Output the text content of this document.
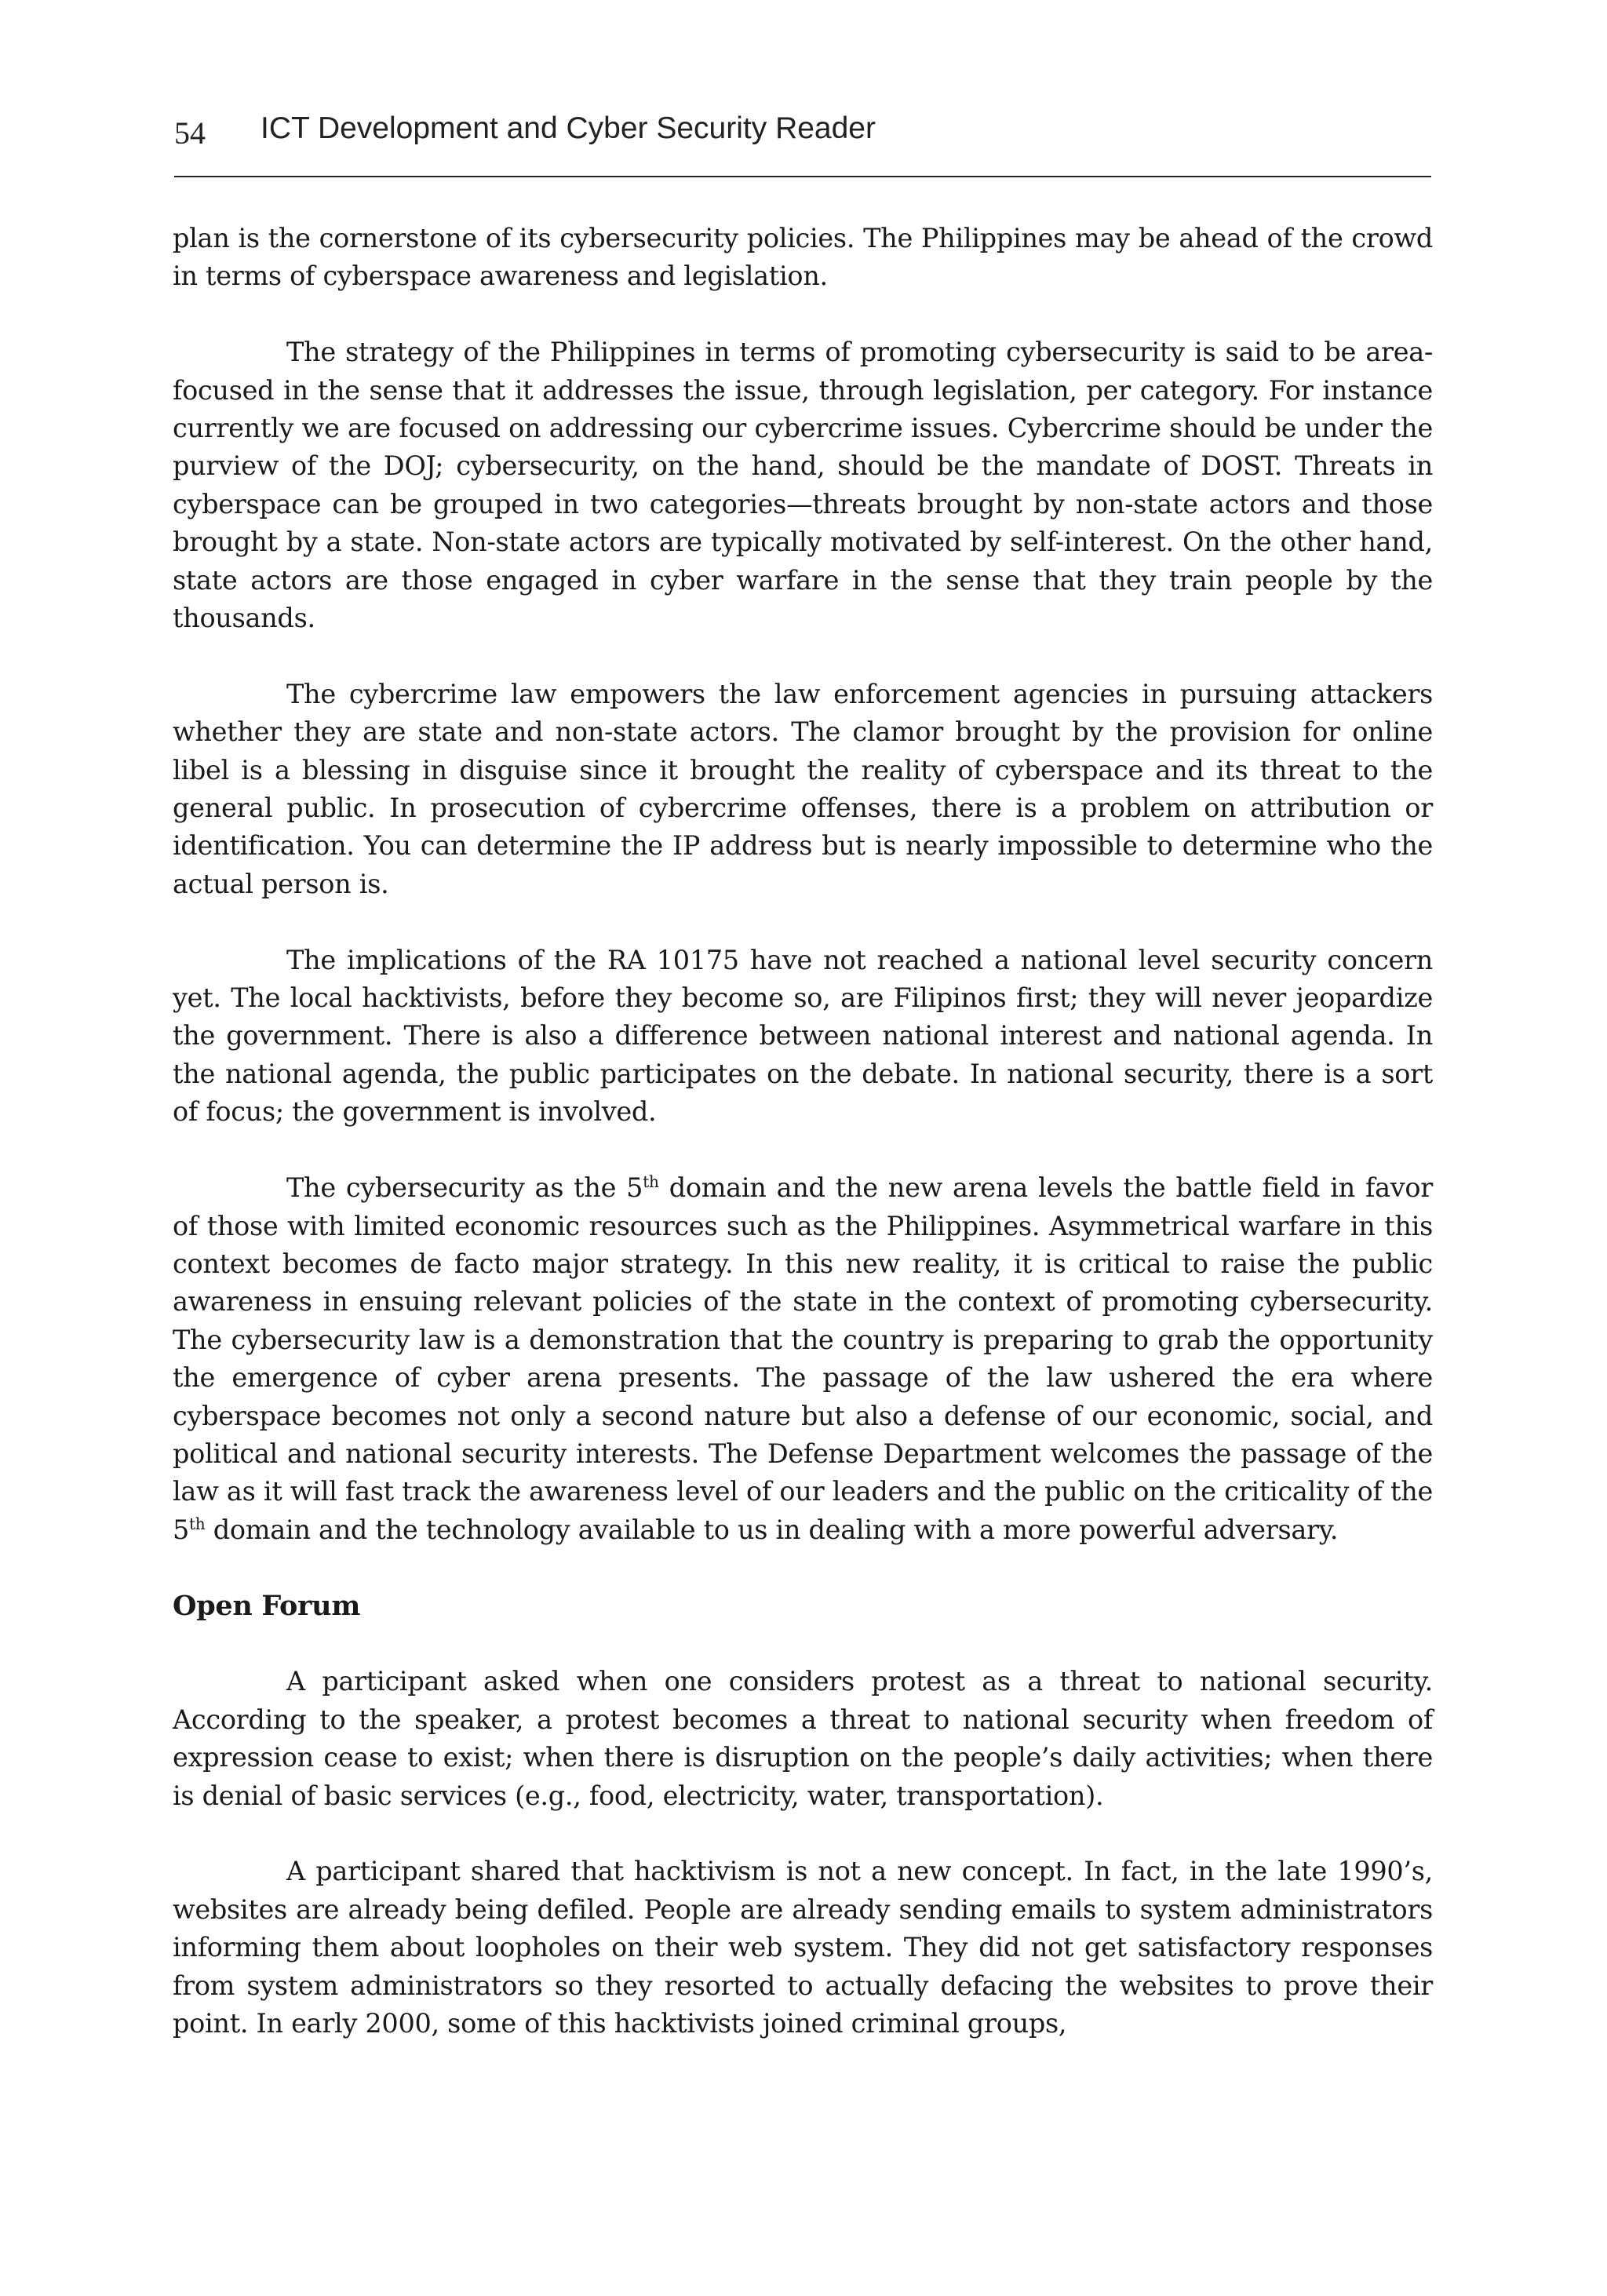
54 ICT Development and Cyber Security Reader

plan is the cornerstone of its cybersecurity policies. The Philippines may be ahead of the crowd in terms of cyberspace awareness and legislation.

The strategy of the Philippines in terms of promoting cybersecurity is said to be area-focused in the sense that it addresses the issue, through legislation, per category. For instance currently we are focused on addressing our cybercrime issues. Cybercrime should be under the purview of the DOJ; cybersecurity, on the hand, should be the mandate of DOST. Threats in cyberspace can be grouped in two categories—threats brought by non-state actors and those brought by a state. Non-state actors are typically motivated by self-interest. On the other hand, state actors are those engaged in cyber warfare in the sense that they train people by the thousands.

The cybercrime law empowers the law enforcement agencies in pursuing attackers whether they are state and non-state actors. The clamor brought by the provision for online libel is a blessing in disguise since it brought the reality of cyberspace and its threat to the general public. In prosecution of cybercrime offenses, there is a problem on attribution or identification. You can determine the IP address but is nearly impossible to determine who the actual person is.

The implications of the RA 10175 have not reached a national level security concern yet. The local hacktivists, before they become so, are Filipinos first; they will never jeopardize the government. There is also a difference between national interest and national agenda. In the national agenda, the public participates on the debate. In national security, there is a sort of focus; the government is involved.

The cybersecurity as the 5th domain and the new arena levels the battle field in favor of those with limited economic resources such as the Philippines. Asymmetrical warfare in this context becomes de facto major strategy. In this new reality, it is critical to raise the public awareness in ensuing relevant policies of the state in the context of promoting cybersecurity. The cybersecurity law is a demonstration that the country is preparing to grab the opportunity the emergence of cyber arena presents. The passage of the law ushered the era where cyberspace becomes not only a second nature but also a defense of our economic, social, and political and national security interests. The Defense Department welcomes the passage of the law as it will fast track the awareness level of our leaders and the public on the criticality of the 5th domain and the technology available to us in dealing with a more powerful adversary.

Open Forum

A participant asked when one considers protest as a threat to national security. According to the speaker, a protest becomes a threat to national security when freedom of expression cease to exist; when there is disruption on the people’s daily activities; when there is denial of basic services (e.g., food, electricity, water, transportation).

A participant shared that hacktivism is not a new concept. In fact, in the late 1990’s, websites are already being defiled. People are already sending emails to system administrators informing them about loopholes on their web system. They did not get satisfactory responses from system administrators so they resorted to actually defacing the websites to prove their point. In early 2000, some of this hacktivists joined criminal groups,
